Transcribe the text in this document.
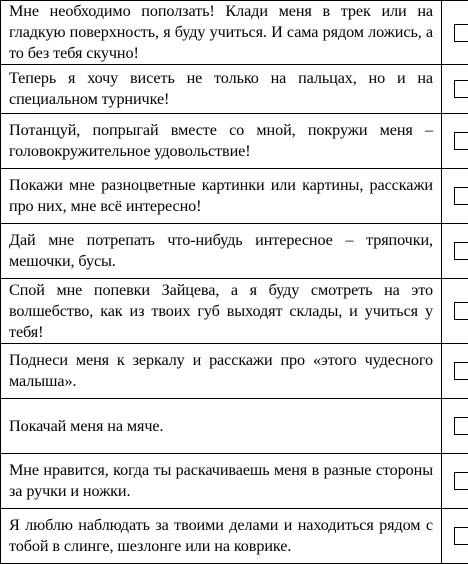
Мне необходимо поползать! Клади меня в трек или на гладкую поверхность, я буду учиться. И сама рядом ложись, а то без тебя скучно!	
Теперь я хочу висеть не только на пальцах, но и на специальном турничке!	
Потанцуй, попрыгай вместе со мной, покружи меня – головокружительное удовольствие!	
Покажи мне разноцветные картинки или картины, расскажи про них, мне всё интересно!	
Дай мне потрепать что-нибудь интересное – тряпочки, мешочки, бусы.	
Спой мне попевки Зайцева, а я буду смотреть на это волшебство, как из твоих губ выходят склады, и учиться у тебя!	
Поднеси меня к зеркалу и расскажи про «этого чудесного малыша».	
Покачай меня на мяче.	
Мне нравится, когда ты раскачиваешь меня в разные стороны за ручки и ножки.	
Я люблю наблюдать за твоими делами и находиться рядом с тобой в слинге, шезлонге или на коврике.	
